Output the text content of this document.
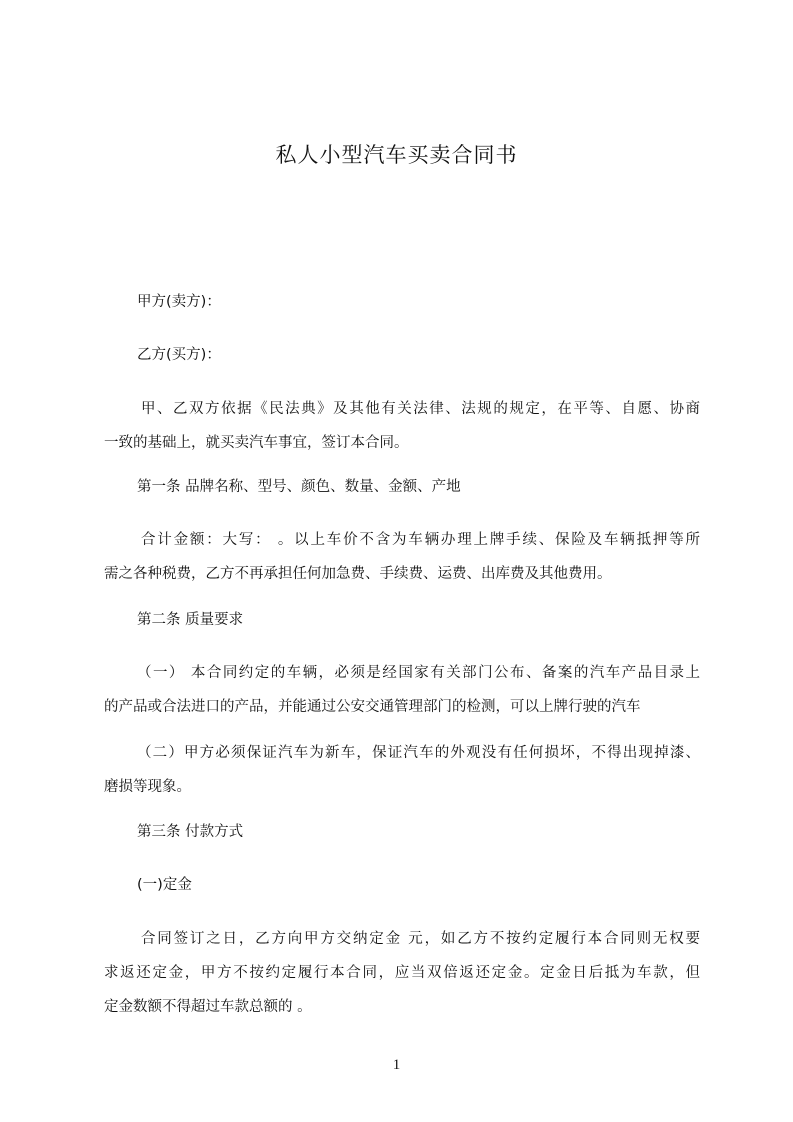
私人小型汽车买卖合同书
甲方(卖方)：
乙方(买方)：
甲、乙双方依据《民法典》及其他有关法律、法规的规定，在平等、自愿、协商
一致的基础上，就买卖汽车事宜，签订本合同。
第一条 品牌名称、型号、颜色、数量、金额、产地
合计金额：大写： 。以上车价不含为车辆办理上牌手续、保险及车辆抵押等所
需之各种税费，乙方不再承担任何加急费、手续费、运费、出库费及其他费用。
第二条 质量要求
（一） 本合同约定的车辆，必须是经国家有关部门公布、备案的汽车产品目录上
的产品或合法进口的产品，并能通过公安交通管理部门的检测，可以上牌行驶的汽车
（二）甲方必须保证汽车为新车，保证汽车的外观没有任何损坏，不得出现掉漆、
磨损等现象。
第三条 付款方式
(一)定金
合同签订之日，乙方向甲方交纳定金 元，如乙方不按约定履行本合同则无权要
求返还定金，甲方不按约定履行本合同，应当双倍返还定金。定金日后抵为车款，但
定金数额不得超过车款总额的 。
1
